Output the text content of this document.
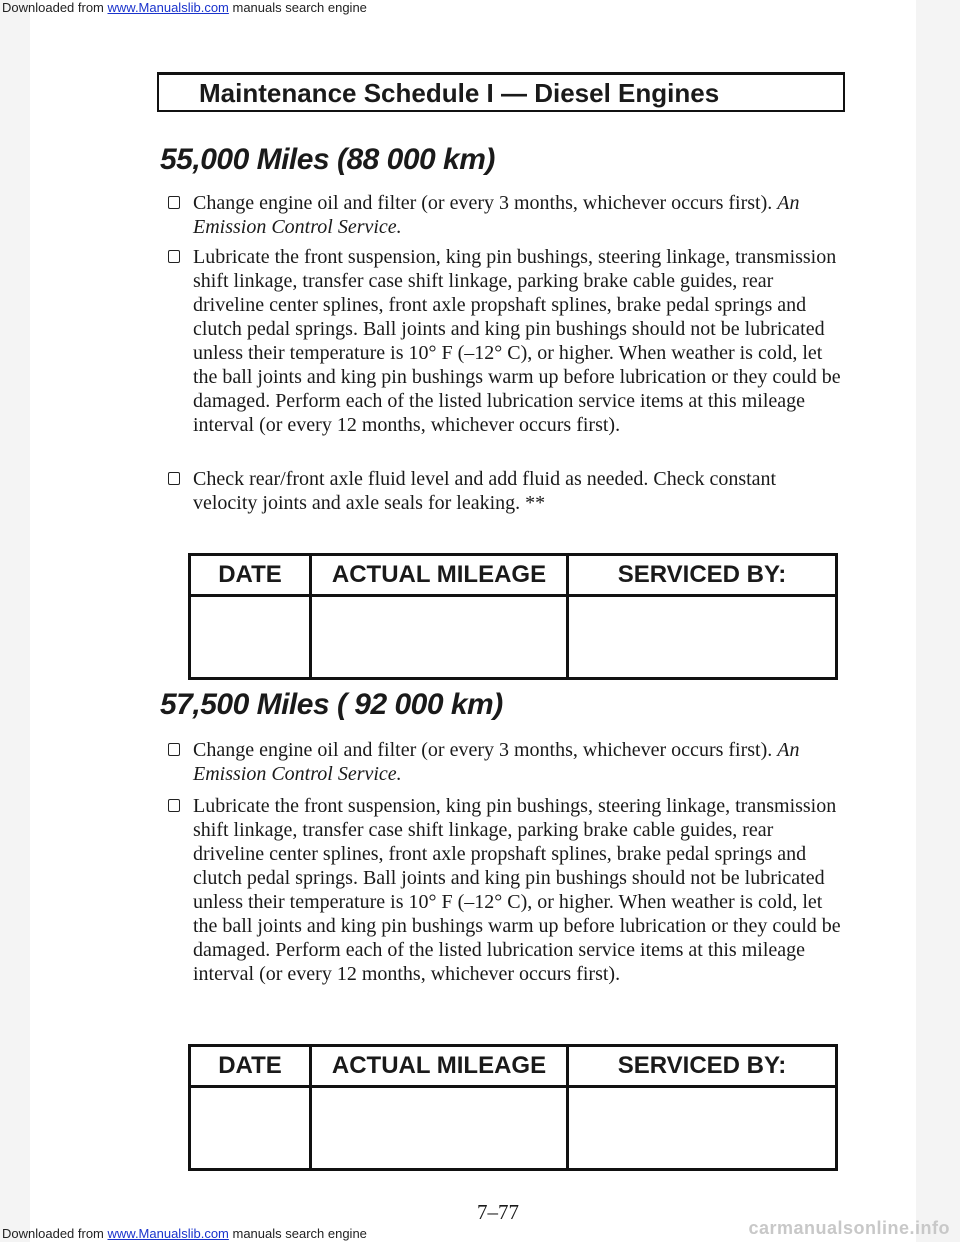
Maintenance Schedule I — Diesel Engines
55,000 Miles (88 000 km)
Change engine oil and filter (or every 3 months, whichever occurs first). An Emission Control Service.
Lubricate the front suspension, king pin bushings, steering linkage, transmission shift linkage, transfer case shift linkage, parking brake cable guides, rear driveline center splines, front axle propshaft splines, brake pedal springs and clutch pedal springs. Ball joints and king pin bushings should not be lubricated unless their temperature is 10° F (–12° C), or higher. When weather is cold, let the ball joints and king pin bushings warm up before lubrication or they could be damaged. Perform each of the listed lubrication service items at this mileage interval (or every 12 months, whichever occurs first).
Check rear/front axle fluid level and add fluid as needed. Check constant velocity joints and axle seals for leaking. **
DATE	ACTUAL MILEAGE	SERVICED BY:
57,500 Miles ( 92 000 km)
Change engine oil and filter (or every 3 months, whichever occurs first). An Emission Control Service.
Lubricate the front suspension, king pin bushings, steering linkage, transmission shift linkage, transfer case shift linkage, parking brake cable guides, rear driveline center splines, front axle propshaft splines, brake pedal springs and clutch pedal springs. Ball joints and king pin bushings should not be lubricated unless their temperature is 10° F (–12° C), or higher. When weather is cold, let the ball joints and king pin bushings warm up before lubrication or they could be damaged. Perform each of the listed lubrication service items at this mileage interval (or every 12 months, whichever occurs first).
DATE	ACTUAL MILEAGE	SERVICED BY:
7–77
Downloaded from www.Manualslib.com manuals search engine
Downloaded from www.Manualslib.com manuals search engine	carmanualsonline.info
